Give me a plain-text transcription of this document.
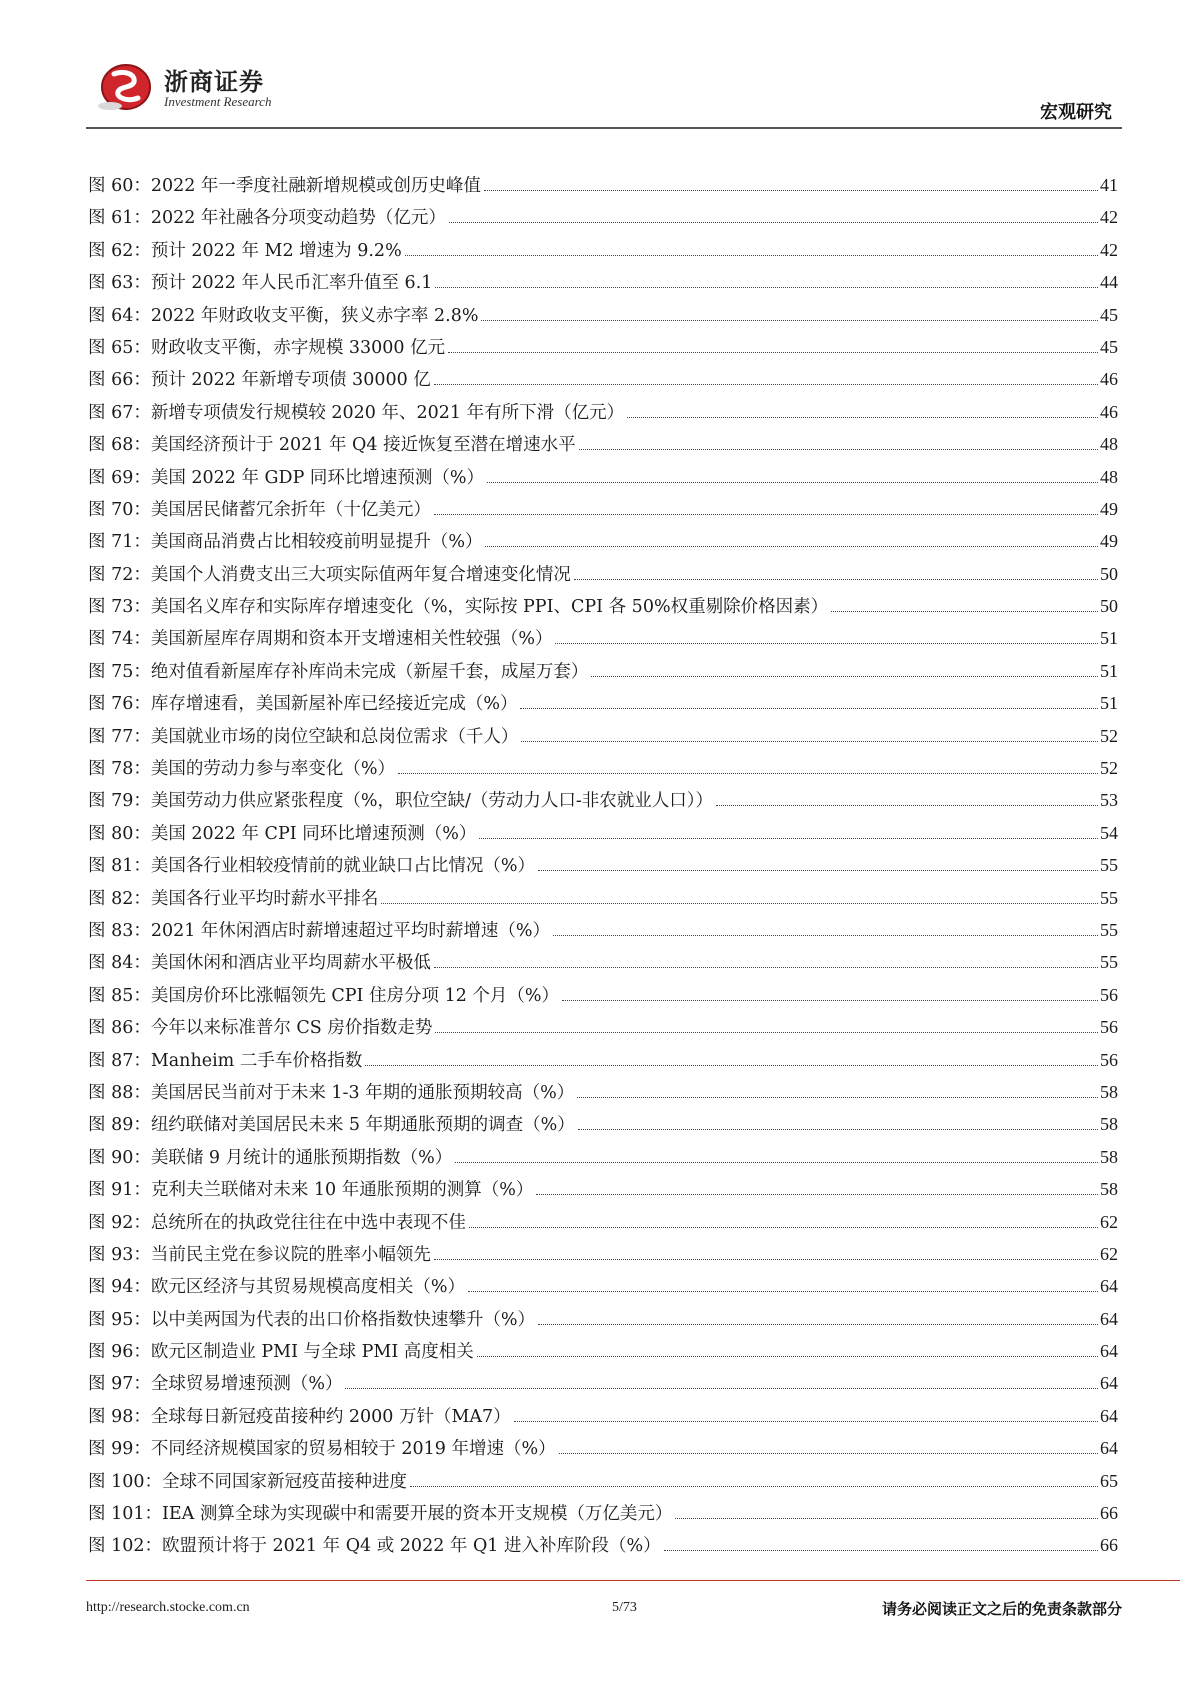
浙商证券
Investment Research
宏观研究
图 60：2022 年一季度社融新增规模或创历史峰值	41
图 61：2022 年社融各分项变动趋势（亿元）	42
图 62：预计 2022 年 M2 增速为 9.2%	42
图 63：预计 2022 年人民币汇率升值至 6.1	44
图 64：2022 年财政收支平衡，狭义赤字率 2.8%	45
图 65：财政收支平衡，赤字规模 33000 亿元	45
图 66：预计 2022 年新增专项债 30000 亿	46
图 67：新增专项债发行规模较 2020 年、2021 年有所下滑（亿元）	46
图 68：美国经济预计于 2021 年 Q4 接近恢复至潜在增速水平	48
图 69：美国 2022 年 GDP 同环比增速预测（%）	48
图 70：美国居民储蓄冗余折年（十亿美元）	49
图 71：美国商品消费占比相较疫前明显提升（%）	49
图 72：美国个人消费支出三大项实际值两年复合增速变化情况	50
图 73：美国名义库存和实际库存增速变化（%，实际按 PPI、CPI 各 50%权重剔除价格因素）	50
图 74：美国新屋库存周期和资本开支增速相关性较强（%）	51
图 75：绝对值看新屋库存补库尚未完成（新屋千套，成屋万套）	51
图 76：库存增速看，美国新屋补库已经接近完成（%）	51
图 77：美国就业市场的岗位空缺和总岗位需求（千人）	52
图 78：美国的劳动力参与率变化（%）	52
图 79：美国劳动力供应紧张程度（%，职位空缺/（劳动力人口-非农就业人口））	53
图 80：美国 2022 年 CPI 同环比增速预测（%）	54
图 81：美国各行业相较疫情前的就业缺口占比情况（%）	55
图 82：美国各行业平均时薪水平排名	55
图 83：2021 年休闲酒店时薪增速超过平均时薪增速（%）	55
图 84：美国休闲和酒店业平均周薪水平极低	55
图 85：美国房价环比涨幅领先 CPI 住房分项 12 个月（%）	56
图 86：今年以来标准普尔 CS 房价指数走势	56
图 87：Manheim 二手车价格指数	56
图 88：美国居民当前对于未来 1-3 年期的通胀预期较高（%）	58
图 89：纽约联储对美国居民未来 5 年期通胀预期的调查（%）	58
图 90：美联储 9 月统计的通胀预期指数（%）	58
图 91：克利夫兰联储对未来 10 年通胀预期的测算（%）	58
图 92：总统所在的执政党往往在中选中表现不佳	62
图 93：当前民主党在参议院的胜率小幅领先	62
图 94：欧元区经济与其贸易规模高度相关（%）	64
图 95：以中美两国为代表的出口价格指数快速攀升（%）	64
图 96：欧元区制造业 PMI 与全球 PMI 高度相关	64
图 97：全球贸易增速预测（%）	64
图 98：全球每日新冠疫苗接种约 2000 万针（MA7）	64
图 99：不同经济规模国家的贸易相较于 2019 年增速（%）	64
图 100：全球不同国家新冠疫苗接种进度	65
图 101：IEA 测算全球为实现碳中和需要开展的资本开支规模（万亿美元）	66
图 102：欧盟预计将于 2021 年 Q4 或 2022 年 Q1 进入补库阶段（%）	66
http://research.stocke.com.cn	5/73	请务必阅读正文之后的免责条款部分
